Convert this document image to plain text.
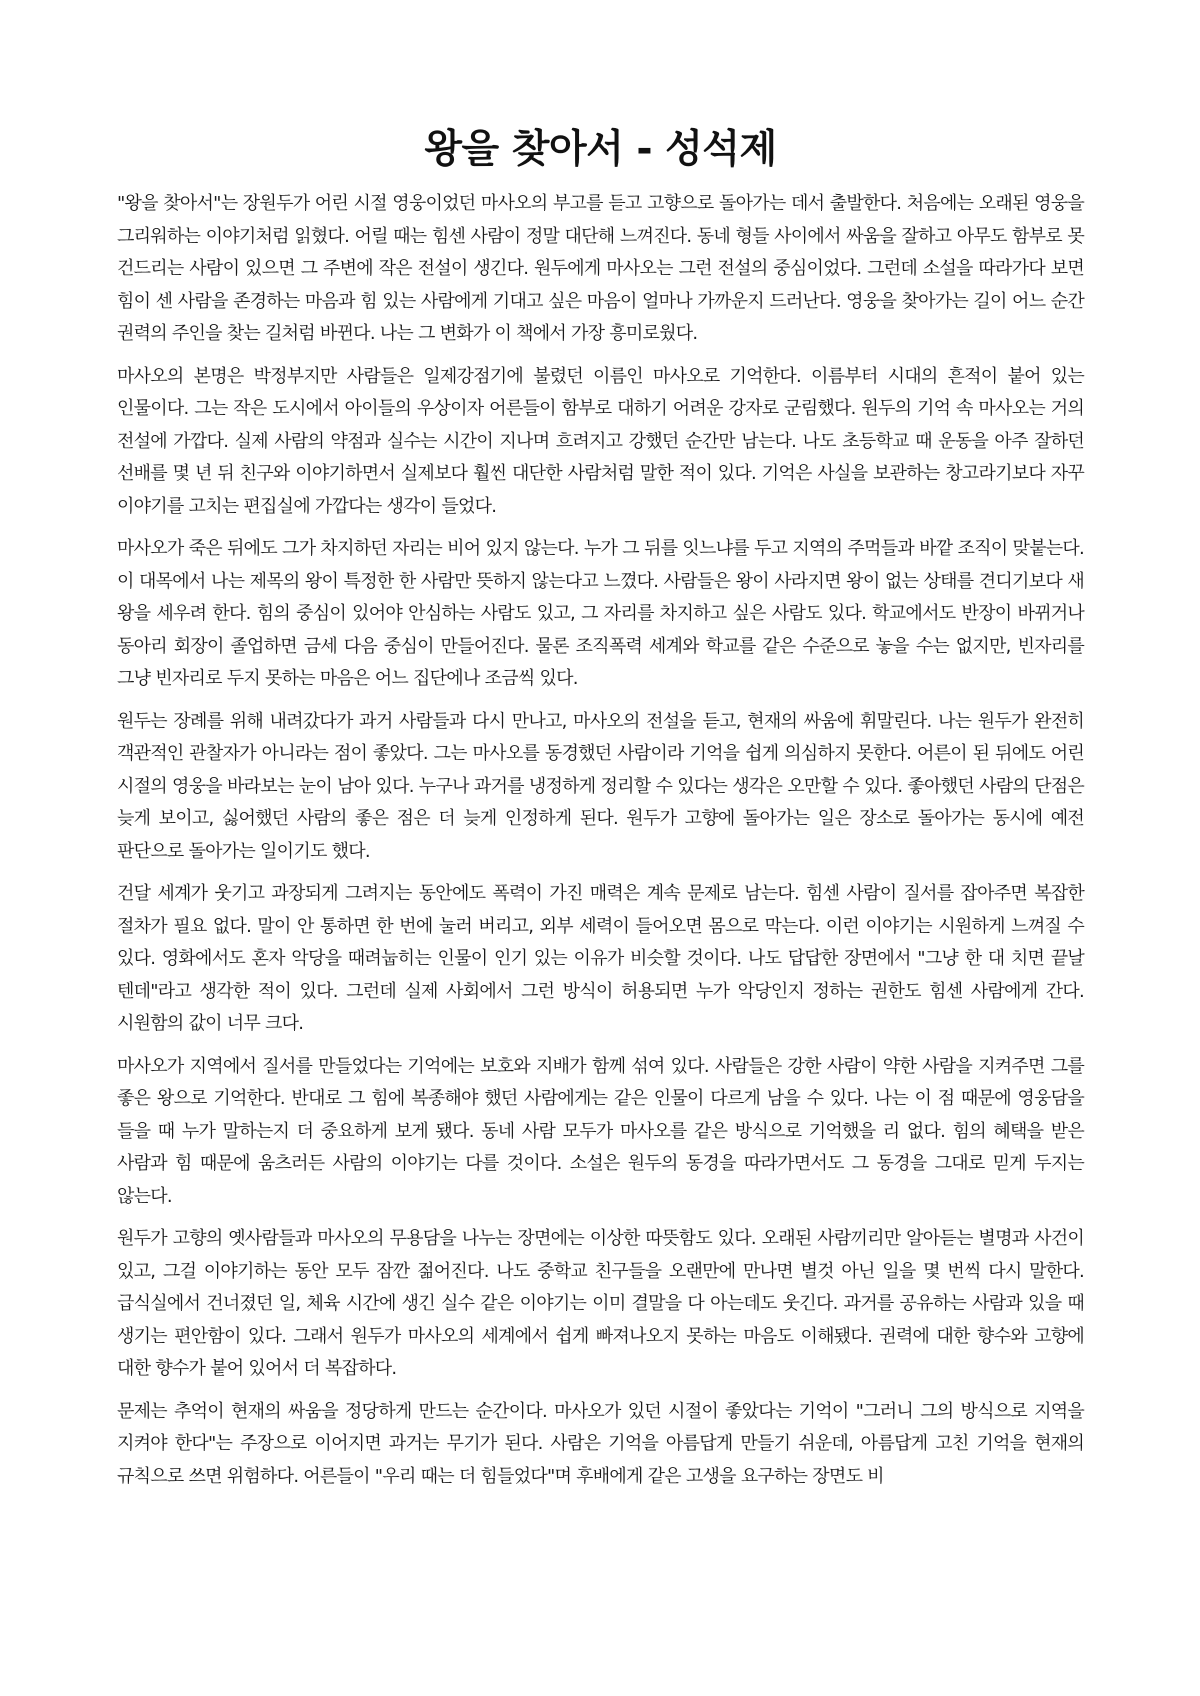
왕을 찾아서 - 성석제

"왕을 찾아서"는 장원두가 어린 시절 영웅이었던 마사오의 부고를 듣고 고향으로 돌아가는 데서 출발한다. 처음에는 오래된 영웅을 그리워하는 이야기처럼 읽혔다. 어릴 때는 힘센 사람이 정말 대단해 느껴진다. 동네 형들 사이에서 싸움을 잘하고 아무도 함부로 못 건드리는 사람이 있으면 그 주변에 작은 전설이 생긴다. 원두에게 마사오는 그런 전설의 중심이었다. 그런데 소설을 따라가다 보면 힘이 센 사람을 존경하는 마음과 힘 있는 사람에게 기대고 싶은 마음이 얼마나 가까운지 드러난다. 영웅을 찾아가는 길이 어느 순간 권력의 주인을 찾는 길처럼 바뀐다. 나는 그 변화가 이 책에서 가장 흥미로웠다.

마사오의 본명은 박정부지만 사람들은 일제강점기에 불렸던 이름인 마사오로 기억한다. 이름부터 시대의 흔적이 붙어 있는 인물이다. 그는 작은 도시에서 아이들의 우상이자 어른들이 함부로 대하기 어려운 강자로 군림했다. 원두의 기억 속 마사오는 거의 전설에 가깝다. 실제 사람의 약점과 실수는 시간이 지나며 흐려지고 강했던 순간만 남는다. 나도 초등학교 때 운동을 아주 잘하던 선배를 몇 년 뒤 친구와 이야기하면서 실제보다 훨씬 대단한 사람처럼 말한 적이 있다. 기억은 사실을 보관하는 창고라기보다 자꾸 이야기를 고치는 편집실에 가깝다는 생각이 들었다.

마사오가 죽은 뒤에도 그가 차지하던 자리는 비어 있지 않는다. 누가 그 뒤를 잇느냐를 두고 지역의 주먹들과 바깥 조직이 맞붙는다. 이 대목에서 나는 제목의 왕이 특정한 한 사람만 뜻하지 않는다고 느꼈다. 사람들은 왕이 사라지면 왕이 없는 상태를 견디기보다 새 왕을 세우려 한다. 힘의 중심이 있어야 안심하는 사람도 있고, 그 자리를 차지하고 싶은 사람도 있다. 학교에서도 반장이 바뀌거나 동아리 회장이 졸업하면 금세 다음 중심이 만들어진다. 물론 조직폭력 세계와 학교를 같은 수준으로 놓을 수는 없지만, 빈자리를 그냥 빈자리로 두지 못하는 마음은 어느 집단에나 조금씩 있다.

원두는 장례를 위해 내려갔다가 과거 사람들과 다시 만나고, 마사오의 전설을 듣고, 현재의 싸움에 휘말린다. 나는 원두가 완전히 객관적인 관찰자가 아니라는 점이 좋았다. 그는 마사오를 동경했던 사람이라 기억을 쉽게 의심하지 못한다. 어른이 된 뒤에도 어린 시절의 영웅을 바라보는 눈이 남아 있다. 누구나 과거를 냉정하게 정리할 수 있다는 생각은 오만할 수 있다. 좋아했던 사람의 단점은 늦게 보이고, 싫어했던 사람의 좋은 점은 더 늦게 인정하게 된다. 원두가 고향에 돌아가는 일은 장소로 돌아가는 동시에 예전 판단으로 돌아가는 일이기도 했다.

건달 세계가 웃기고 과장되게 그려지는 동안에도 폭력이 가진 매력은 계속 문제로 남는다. 힘센 사람이 질서를 잡아주면 복잡한 절차가 필요 없다. 말이 안 통하면 한 번에 눌러 버리고, 외부 세력이 들어오면 몸으로 막는다. 이런 이야기는 시원하게 느껴질 수 있다. 영화에서도 혼자 악당을 때려눕히는 인물이 인기 있는 이유가 비슷할 것이다. 나도 답답한 장면에서 "그냥 한 대 치면 끝날 텐데"라고 생각한 적이 있다. 그런데 실제 사회에서 그런 방식이 허용되면 누가 악당인지 정하는 권한도 힘센 사람에게 간다. 시원함의 값이 너무 크다.

마사오가 지역에서 질서를 만들었다는 기억에는 보호와 지배가 함께 섞여 있다. 사람들은 강한 사람이 약한 사람을 지켜주면 그를 좋은 왕으로 기억한다. 반대로 그 힘에 복종해야 했던 사람에게는 같은 인물이 다르게 남을 수 있다. 나는 이 점 때문에 영웅담을 들을 때 누가 말하는지 더 중요하게 보게 됐다. 동네 사람 모두가 마사오를 같은 방식으로 기억했을 리 없다. 힘의 혜택을 받은 사람과 힘 때문에 움츠러든 사람의 이야기는 다를 것이다. 소설은 원두의 동경을 따라가면서도 그 동경을 그대로 믿게 두지는 않는다.

원두가 고향의 옛사람들과 마사오의 무용담을 나누는 장면에는 이상한 따뜻함도 있다. 오래된 사람끼리만 알아듣는 별명과 사건이 있고, 그걸 이야기하는 동안 모두 잠깐 젊어진다. 나도 중학교 친구들을 오랜만에 만나면 별것 아닌 일을 몇 번씩 다시 말한다. 급식실에서 건너졌던 일, 체육 시간에 생긴 실수 같은 이야기는 이미 결말을 다 아는데도 웃긴다. 과거를 공유하는 사람과 있을 때 생기는 편안함이 있다. 그래서 원두가 마사오의 세계에서 쉽게 빠져나오지 못하는 마음도 이해됐다. 권력에 대한 향수와 고향에 대한 향수가 붙어 있어서 더 복잡하다.

문제는 추억이 현재의 싸움을 정당하게 만드는 순간이다. 마사오가 있던 시절이 좋았다는 기억이 "그러니 그의 방식으로 지역을 지켜야 한다"는 주장으로 이어지면 과거는 무기가 된다. 사람은 기억을 아름답게 만들기 쉬운데, 아름답게 고친 기억을 현재의 규칙으로 쓰면 위험하다. 어른들이 "우리 때는 더 힘들었다"며 후배에게 같은 고생을 요구하는 장면도 비
